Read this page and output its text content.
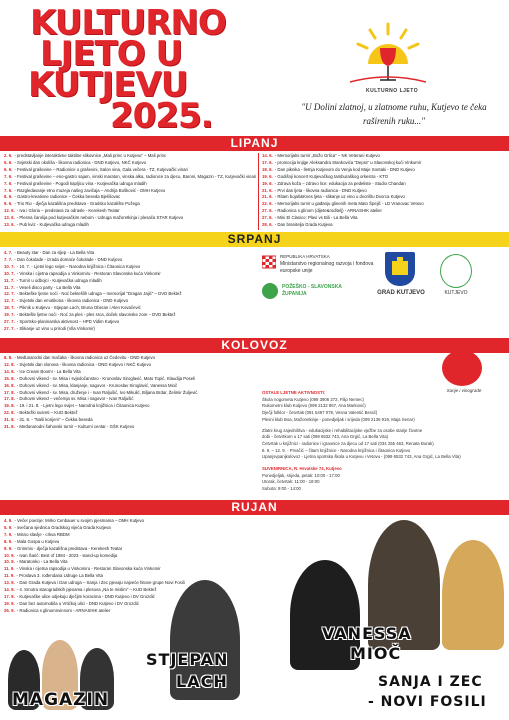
KULTURNO
LJETO U
KUTJEVU
2025.
KULTURNO LJETO
"U Dolini zlatnoj, u zlatnome ruhu, Kutjevo te čeka raširenih ruku..."
LIPANJ
2. 6. - predstavljanje interaktivne taktilne slikovnice „Mali princ u Kutjevu" – Mali princ
5. 6. - Svjetski dan okoliša - likovna radionica - DND Kutjevo, NKČ Kutjevo
6. 6. - Festival graševine – Radionice o graševini, Salon vina, Gala večera - TZ, Kutjevački vinari
7. 6. - Festival graševine – eno-gastro sajam, vinski maraton, vinska alka, radionice za djecu, Baroni, Magazin - TZ, Kutjevački vinari
7. 6. - Festival graševine - Pogodi kapljicu vina - Kutjevačka udruga mladih
7. 6. - Razgledavanje etno muzeja našeg zavičaja – Andrija Bošković - OMH Kutjevo
8. 6. - Gastro-kreativne radionice – Čekka beseda Bjelišovac
9. 6. - Trio Rio - dječja kazališna predstava - Gradsko kazalište Požega
12. 6. - Iva i Gloria – predstava za odrasle - Kerekesh Teatar
13. 6. - Plesna čarolija pod kutjevačkim nebom - Udruga mažoretkinja i plesača STAR Kutjevo
13. 6. - Pub kviz - Kutjevačka udruga mladih
14. 6. - Memorijalni turnir „Božo Grlica" – NK Veterani Kutjevo
17. 6. - promocija knjige Aleksandra Stankovića "Depra" u Slavonskoj kući Vinkomir
18. 6. - Dan piknika - lletnja Kutjevom do Venja kod Maje Sontaki - DND Kutjevo
19. 6. - Godišnji koncert Kutjevačkog tamburaškog orkestra - KTO
19. 6. - Zdrava koža – zdravo lice: edukacija za pedeliste - Studio Chandan
21. 6. - Prvi dan ljeta - likovna radionica - DND Kutjevo
21. 6. - Ritam bojaš&Knes ljeta - slikanje uz vino u dvorištu Dvorca Kutjevo
22. 6. - Memorijalni turnir u gađanju glinenih meta Mato Špejič - LD Vranovac Vetovo
27. 6. - Radionica s glinom (dijete&roditelj) - ARNASHIK atelier
27. 6. - Mini El Clasico: Plavi vs Bili - La Bella Vita
28. 6. - Dan branitelja Grada Kutjeva
SRPANJ
4. 7. - Beauty star - Dan za sljep - La Bella Vita
7. 7. - Dan čokolade - izrada domaće čokolade - DND Kutjevo
10. 7. - 10. 7. - Ljetni lego svijet – Narodna knjižnica i Čitaonica Kutjevo
10. 7. - Vinska i cijetna rapsodija u Vinkomiru - Restoran Slavonska kuća Vinkomir
11. 7. - Turnir u odbojci - Kutjevačka udruga mladih
11. 7. - Veseli disco party - La Bella Vita
12. 7. - Bekteške ljetne noći - Noć bektešlih udruga – memorijal "Dragan Jajić" – DVD Bektež
12. 7. - Svjetski dan emotikona - likovna radionica - DND Kutjevo
18. 7. - Piknik u Kutjevu - Stjepan Lach, Bruna Oberan i Alen Kovačević
19. 7. - Bektešle ljetne noći - Noć za ples - ples srca, doček slavonske zore – DVD Bektež
27. 7. - Sportsko-planinarska aktivnost – HPD Vidim Kutjevo
27. 7. - Slikanje uz vino u prirodi (Vila Vinkomir)
REPUBLIKA HRVATSKA
Ministarstvo regionalnog razvoja i fondova europske unije
POŽEŠKO - SLAVONSKA ŽUPANIJA	GRAD KUTJEVO	KUTJEVO
KOLOVOZ
8. 8. - Međunarodni dan mačaka - likovna radionica uz Čedevitu - DND Kutjevo
12. 8. - Svjetski dan slonova - likovna radionica - DND Kutjevo i NKČ Kutjevo
14. 8. - Ice Cream Boom! - La Bella Vita
15. 8. - Duhovni vikend - sv. Misa i svjedočanstvo - Krunoslav Siroglavić, Mato Topić, Klaudija Poseli
16. 8. - Duhovni vikend - sv. Misa, klanjanje, nagovor - Krunoslav Siroglavić, Vanessa Mioč
17. 8. - Duhovni vikend - sv. Misa, druženje i - Ivan Raljušić, Ivo Mikulić, Biljana Brdar, Želimir Žuljević
17. 8. - Duhovni vikend – večernja sv. Misa i nagovor - Ivan Raljušić
19. 8. - 19. i 21. 8. - Ljetni lego svijet – Narodna knjižnica i Čitaonica Kutjevo
22. 8. - Bektežki susreti – KUD Bektež
31. 8. - 31. 8. - "Naši korijeni" – Čekka beseda
31. 8. - Međunarodni šahovski turnir – Kulturni centar - GŠK Kutjevo
Sanje i vinograde
OSTALE LJETNE AKTIVNOSTI:
Škola nogometa Kutjevo (099 3906 272, Filip Nemec)
Rukometni klub Kutjevo (099 2132 867, Ana Marković)
Dječji folklor - četvrtak (091 5497 079, Vesna Valentić Berač)
Plesni klub Boa, Mažoretkinje - ponedjeljak i srijeda (099 2136 919, Maja Senar)
Zlatni krug zajedništva - edukacijske i rehabilitacijske vježbe za osobe starije životne
dobi - četvrtkom u 17 sati (099 6532 743, Ana Grgić, La Bella Vita)
Četvrtak u knjižnici - radionice i igraonice za djecu od 17 sati (034 255 463, Renata Đurak)
8. 9. – 12. 9. - Prvačić – čitam knjižnice - Narodna knjižnica i čitaonica Kutjevo
Upanjsvpanjkolovoz - Ljetna sportska škola u Kutjevu i Vetovu - (099 6532 743, Ana Grgić, La Bella Vita)
SUVENIRNICA, R. Hrvatske 74, Kutjevo
Ponedjeljak, srijeda, petak: 10:00 - 17:00
Utorak, četvrtak: 11:00 - 18:00
Subota: 9:00 - 14:00
RUJAN
4. 9. - Večer poezije: Mirko Cenbauer u svojim pjesmama – OMH Kutjevo
5. 9. - svečana sjednica Gradskog vijeća Grada Kutjeva
7. 9. - Misno slavlje - crkva RBDM
8. 9. - Mala Gospa u Kutjevu
9. 9. - Grimmix - dječja kazališna predstava - Kerekesh Teatar
10. 9. - Ivan Šarić: Best of 1984 - 2023 - stand-up komedija
10. 9. - Maratonko - La Bella Vita
11. 9. - Vinska i cijetna rapsodija u Vinkomiru - Restoran Slavonska kuća Vinkomir
11. 9. - Proslava 3. rođendana Udruge La Bella Vita
13. 9. - Dan Grada Kutjeva i Dan udruga – Sanja i Zec pjevaju najveće hitove grupe Novi Fosili
14. 9. - 4. Smotra starogradskih pjesama i plesova „Na te mislim" – KUD Bektež
17. 9. - Kutjevačke ulice odjekuju dječjim koracima - DND Kutjevo i DV Grozdić
19. 9. - Dan bez automobila u Vrtićkoj ulici - DND Kutjevo i DV Grozdić
26. 9. - Radionica s glinomnvinnom - ARNASHIK atelier
MAGAZIN
STJEPAN
LACH
VANESSA
MIOČ
SANJA I ZEC
- NOVI FOSILI
